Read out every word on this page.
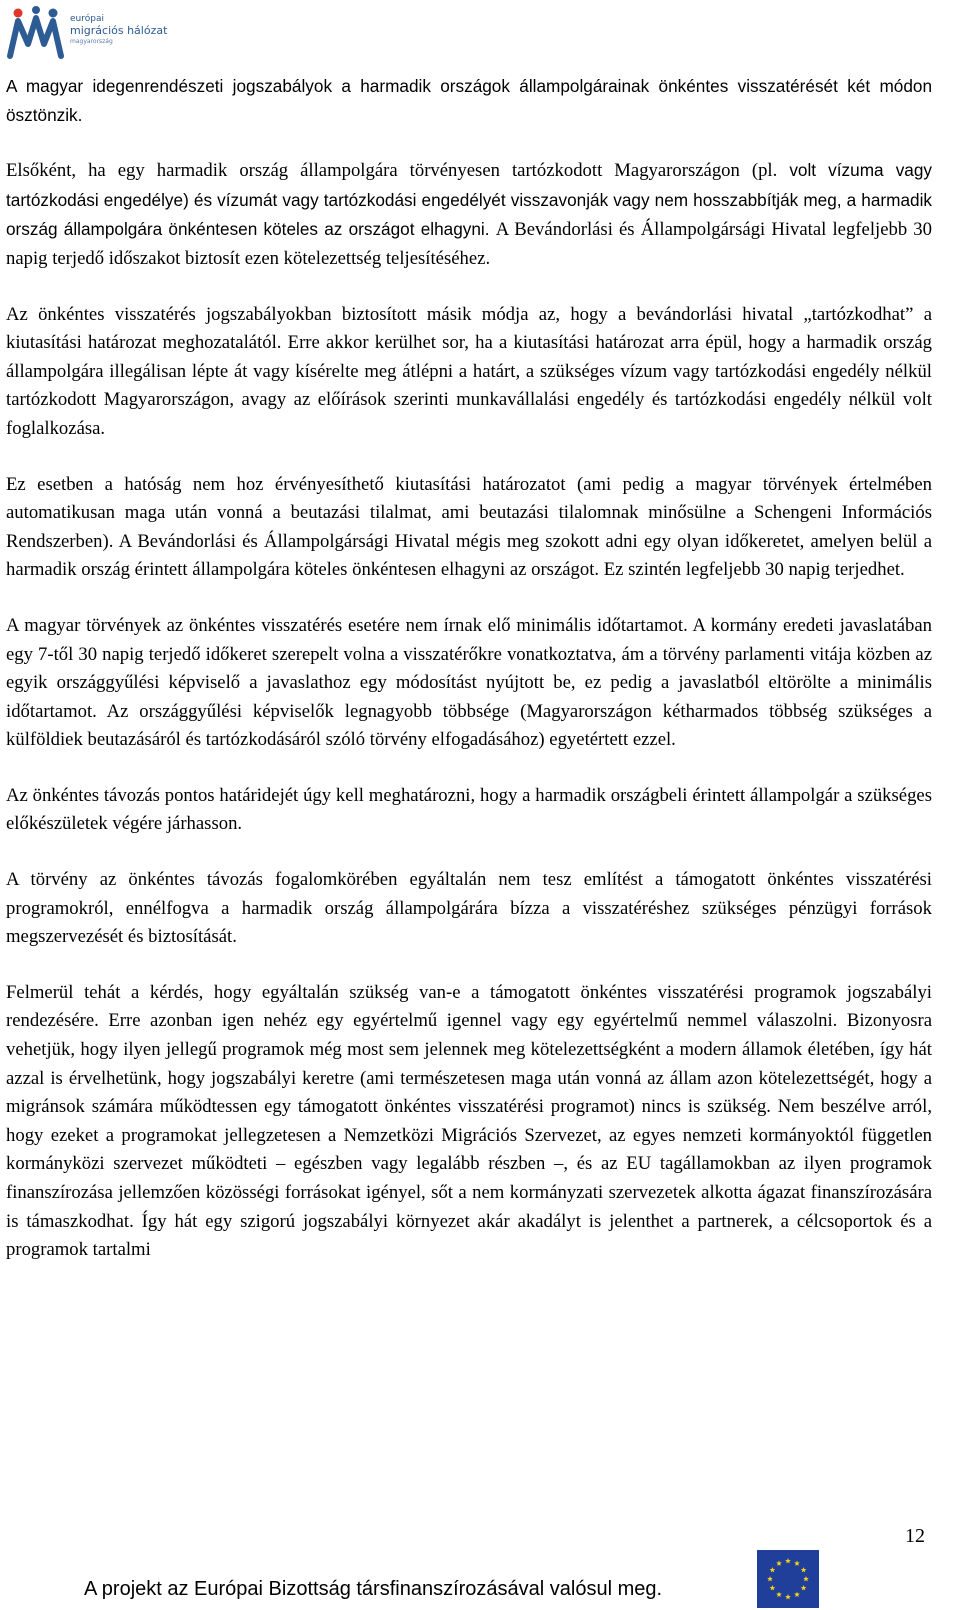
európai
migrációs hálózat
magyarország

A magyar idegenrendészeti jogszabályok a harmadik országok állampolgárainak önkéntes visszatérését két módon ösztönzik.

Elsőként, ha egy harmadik ország állampolgára törvényesen tartózkodott Magyarországon (pl. volt vízuma vagy tartózkodási engedélye) és vízumát vagy tartózkodási engedélyét visszavonják vagy nem hosszabbítják meg, a harmadik ország állampolgára önkéntesen köteles az országot elhagyni. A Bevándorlási és Állampolgársági Hivatal legfeljebb 30 napig terjedő időszakot biztosít ezen kötelezettség teljesítéséhez.

Az önkéntes visszatérés jogszabályokban biztosított másik módja az, hogy a bevándorlási hivatal „tartózkodhat” a kiutasítási határozat meghozatalától. Erre akkor kerülhet sor, ha a kiutasítási határozat arra épül, hogy a harmadik ország állampolgára illegálisan lépte át vagy kísérelte meg átlépni a határt, a szükséges vízum vagy tartózkodási engedély nélkül tartózkodott Magyarországon, avagy az előírások szerinti munkavállalási engedély és tartózkodási engedély nélkül volt foglalkozása.

Ez esetben a hatóság nem hoz érvényesíthető kiutasítási határozatot (ami pedig a magyar törvények értelmében automatikusan maga után vonná a beutazási tilalmat, ami beutazási tilalomnak minősülne a Schengeni Információs Rendszerben). A Bevándorlási és Állampolgársági Hivatal mégis meg szokott adni egy olyan időkeretet, amelyen belül a harmadik ország érintett állampolgára köteles önkéntesen elhagyni az országot. Ez szintén legfeljebb 30 napig terjedhet.

A magyar törvények az önkéntes visszatérés esetére nem írnak elő minimális időtartamot. A kormány eredeti javaslatában egy 7-től 30 napig terjedő időkeret szerepelt volna a visszatérőkre vonatkoztatva, ám a törvény parlamenti vitája közben az egyik országgyűlési képviselő a javaslathoz egy módosítást nyújtott be, ez pedig a javaslatból eltörölte a minimális időtartamot. Az országgyűlési képviselők legnagyobb többsége (Magyarországon kétharmados többség szükséges a külföldiek beutazásáról és tartózkodásáról szóló törvény elfogadásához) egyetértett ezzel.

Az önkéntes távozás pontos határidejét úgy kell meghatározni, hogy a harmadik országbeli érintett állampolgár a szükséges előkészületek végére járhasson.

A törvény az önkéntes távozás fogalomkörében egyáltalán nem tesz említést a támogatott önkéntes visszatérési programokról, ennélfogva a harmadik ország állampolgárára bízza a visszatéréshez szükséges pénzügyi források megszervezését és biztosítását.

Felmerül tehát a kérdés, hogy egyáltalán szükség van-e a támogatott önkéntes visszatérési programok jogszabályi rendezésére. Erre azonban igen nehéz egy egyértelmű igennel vagy egy egyértelmű nemmel válaszolni. Bizonyosra vehetjük, hogy ilyen jellegű programok még most sem jelennek meg kötelezettségként a modern államok életében, így hát azzal is érvelhetünk, hogy jogszabályi keretre (ami természetesen maga után vonná az állam azon kötelezettségét, hogy a migránsok számára működtessen egy támogatott önkéntes visszatérési programot) nincs is szükség. Nem beszélve arról, hogy ezeket a programokat jellegzetesen a Nemzetközi Migrációs Szervezet, az egyes nemzeti kormányoktól független kormányközi szervezet működteti – egészben vagy legalább részben –, és az EU tagállamokban az ilyen programok finanszírozása jellemzően közösségi forrásokat igényel, sőt a nem kormányzati szervezetek alkotta ágazat finanszírozására is támaszkodhat. Így hát egy szigorú jogszabályi környezet akár akadályt is jelenthet a partnerek, a célcsoportok és a programok tartalmi

12
A projekt az Európai Bizottság társfinanszírozásával valósul meg.
